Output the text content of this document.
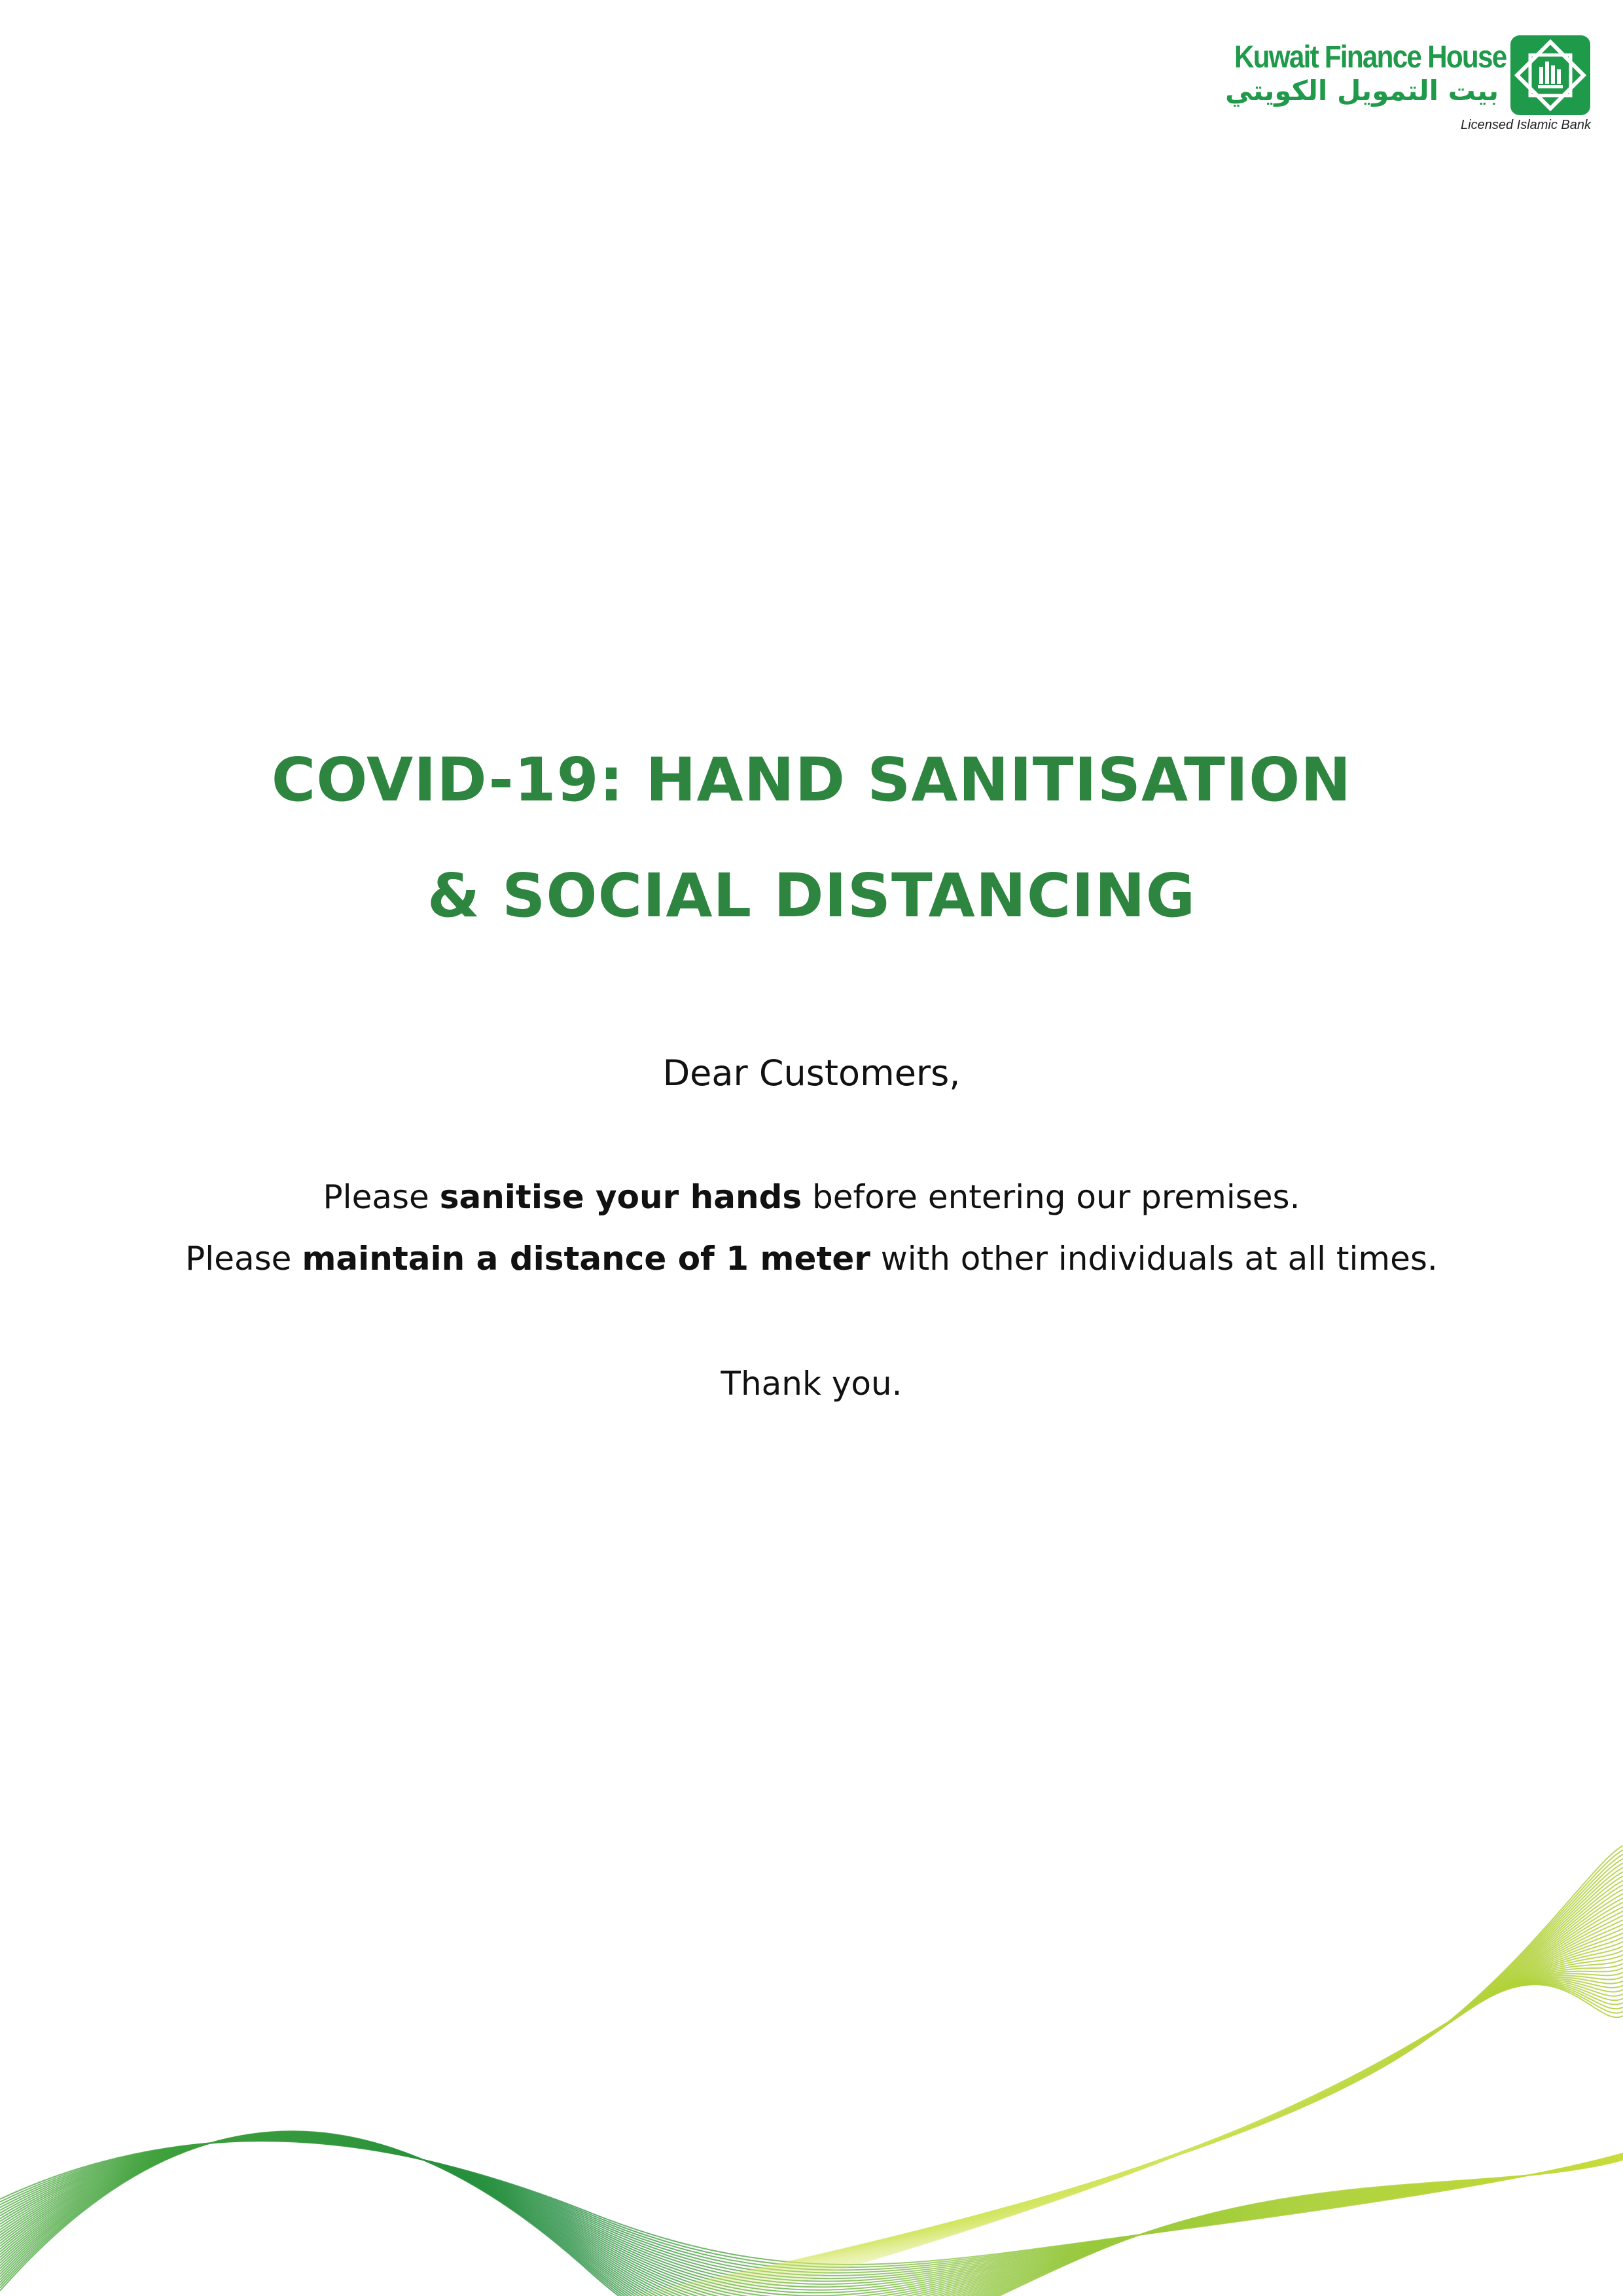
Kuwait Finance House
بيت التمويل الكويتي
Licensed Islamic Bank
COVID-19: HAND SANITISATION
& SOCIAL DISTANCING
Dear Customers,
Please sanitise your hands before entering our premises.
Please maintain a distance of 1 meter with other individuals at all times.
Thank you.
